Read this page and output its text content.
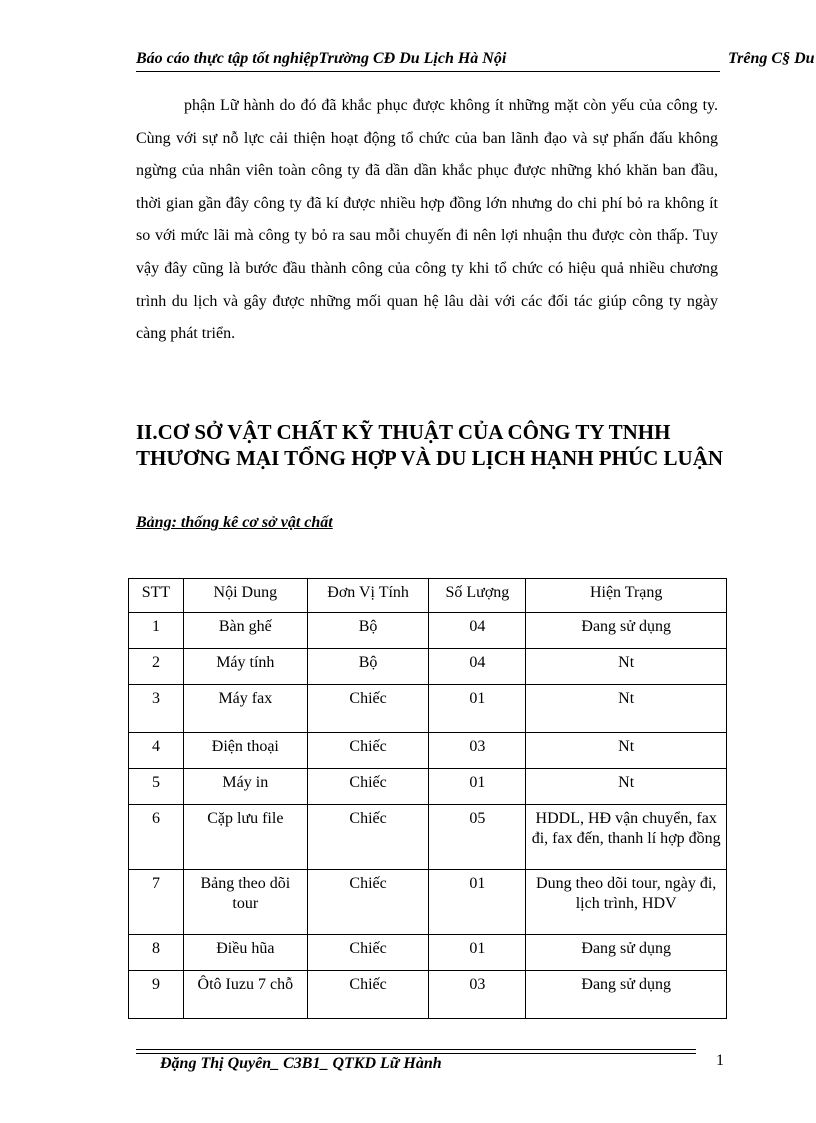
Báo cáo thực tập tốt nghiệpTrường CĐ Du Lịch Hà Nội	Trêng C§ Du

phận Lữ hành do đó đã khắc phục được không ít những mặt còn yếu của công ty. Cùng với sự nỗ lực cải thiện hoạt động tổ chức của ban lãnh đạo và sự phấn đấu không ngừng của nhân viên toàn công ty đã dần dần khắc phục được những khó khăn ban đầu, thời gian gần đây công ty đã kí được nhiều hợp đồng lớn nhưng do chi phí bỏ ra không ít so với mức lãi mà công ty bỏ ra sau mỗi chuyến đi nên lợi nhuận thu được còn thấp. Tuy vậy đây cũng là bước đầu thành công của công ty khi tổ chức có hiệu quả nhiều chương trình du lịch và gây được những mối quan hệ lâu dài với các đối tác giúp công ty ngày càng phát triển.

II.CƠ SỞ VẬT CHẤT KỸ THUẬT CỦA CÔNG TY TNHH THƯƠNG MẠI TỔNG HỢP VÀ DU LỊCH HẠNH PHÚC LUẬN
Bảng: thống kê cơ sở vật chất
STT	Nội Dung	Đơn Vị Tính	Số Lượng	Hiện Trạng
1	Bàn ghế	Bộ	04	Đang sử dụng
2	Máy tính	Bộ	04	Nt
3	Máy fax	Chiếc	01	Nt
4	Điện thoại	Chiếc	03	Nt
5	Máy in	Chiếc	01	Nt
6	Cặp lưu file	Chiếc	05	HDDL, HĐ vận chuyển, fax đi, fax đến, thanh lí hợp đồng
7	Bảng theo dõi tour	Chiếc	01	Dung theo dõi tour, ngày đi, lịch trình, HDV
8	Điều hũa	Chiếc	01	Đang sử dụng
9	Ôtô Iuzu 7 chỗ	Chiếc	03	Đang sử dụng
Đặng Thị Quyên_ C3B1_ QTKD Lữ Hành	1
